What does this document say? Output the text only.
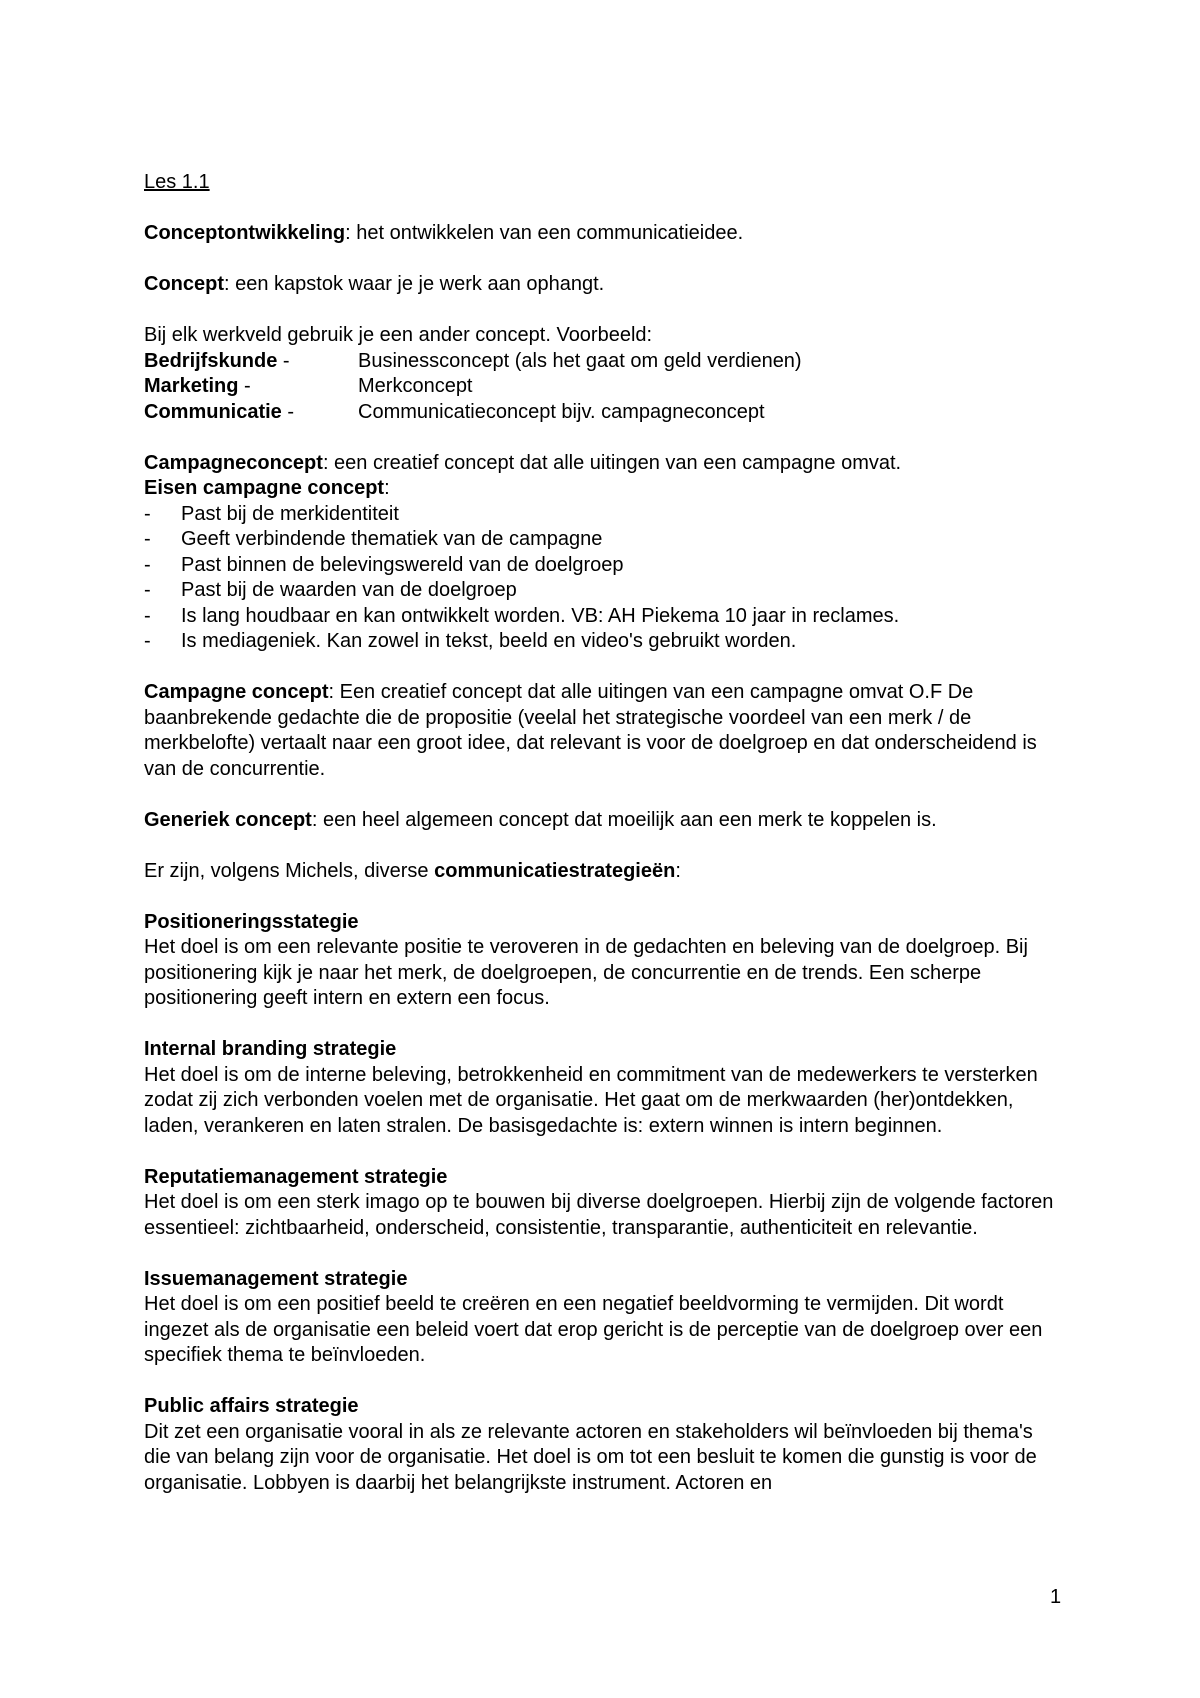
Les 1.1

Conceptontwikkeling: het ontwikkelen van een communicatieidee.

Concept: een kapstok waar je je werk aan ophangt.

Bij elk werkveld gebruik je een ander concept. Voorbeeld:

Bedrijfskunde -	Businessconcept (als het gaat om geld verdienen)
Marketing -	Merkconcept
Communicatie -	Communicatieconcept bijv. campagneconcept

Campagneconcept: een creatief concept dat alle uitingen van een campagne omvat.

Eisen campagne concept:

-	Past bij de merkidentiteit
-	Geeft verbindende thematiek van de campagne
-	Past binnen de belevingswereld van de doelgroep
-	Past bij de waarden van de doelgroep
-	Is lang houdbaar en kan ontwikkelt worden. VB: AH Piekema 10 jaar in reclames.
-	Is mediageniek. Kan zowel in tekst, beeld en video's gebruikt worden.

Campagne concept: Een creatief concept dat alle uitingen van een campagne omvat O.F De baanbrekende gedachte die de propositie (veelal het strategische voordeel van een merk / de merkbelofte) vertaalt naar een groot idee, dat relevant is voor de doelgroep en dat onderscheidend is van de concurrentie.

Generiek concept: een heel algemeen concept dat moeilijk aan een merk te koppelen is.

Er zijn, volgens Michels, diverse communicatiestrategieën:

Positioneringsstategie

Het doel is om een relevante positie te veroveren in de gedachten en beleving van de doelgroep. Bij positionering kijk je naar het merk, de doelgroepen, de concurrentie en de trends. Een scherpe positionering geeft intern en extern een focus.

Internal branding strategie

Het doel is om de interne beleving, betrokkenheid en commitment van de medewerkers te versterken zodat zij zich verbonden voelen met de organisatie. Het gaat om de merkwaarden (her)ontdekken, laden, verankeren en laten stralen. De basisgedachte is: extern winnen is intern beginnen.

Reputatiemanagement strategie

Het doel is om een sterk imago op te bouwen bij diverse doelgroepen. Hierbij zijn de volgende factoren essentieel: zichtbaarheid, onderscheid, consistentie, transparantie, authenticiteit en relevantie.

Issuemanagement strategie

Het doel is om een positief beeld te creëren en een negatief beeldvorming te vermijden. Dit wordt ingezet als de organisatie een beleid voert dat erop gericht is de perceptie van de doelgroep over een specifiek thema te beïnvloeden.

Public affairs strategie

Dit zet een organisatie vooral in als ze relevante actoren en stakeholders wil beïnvloeden bij thema's die van belang zijn voor de organisatie. Het doel is om tot een besluit te komen die gunstig is voor de organisatie. Lobbyen is daarbij het belangrijkste instrument. Actoren en

1
